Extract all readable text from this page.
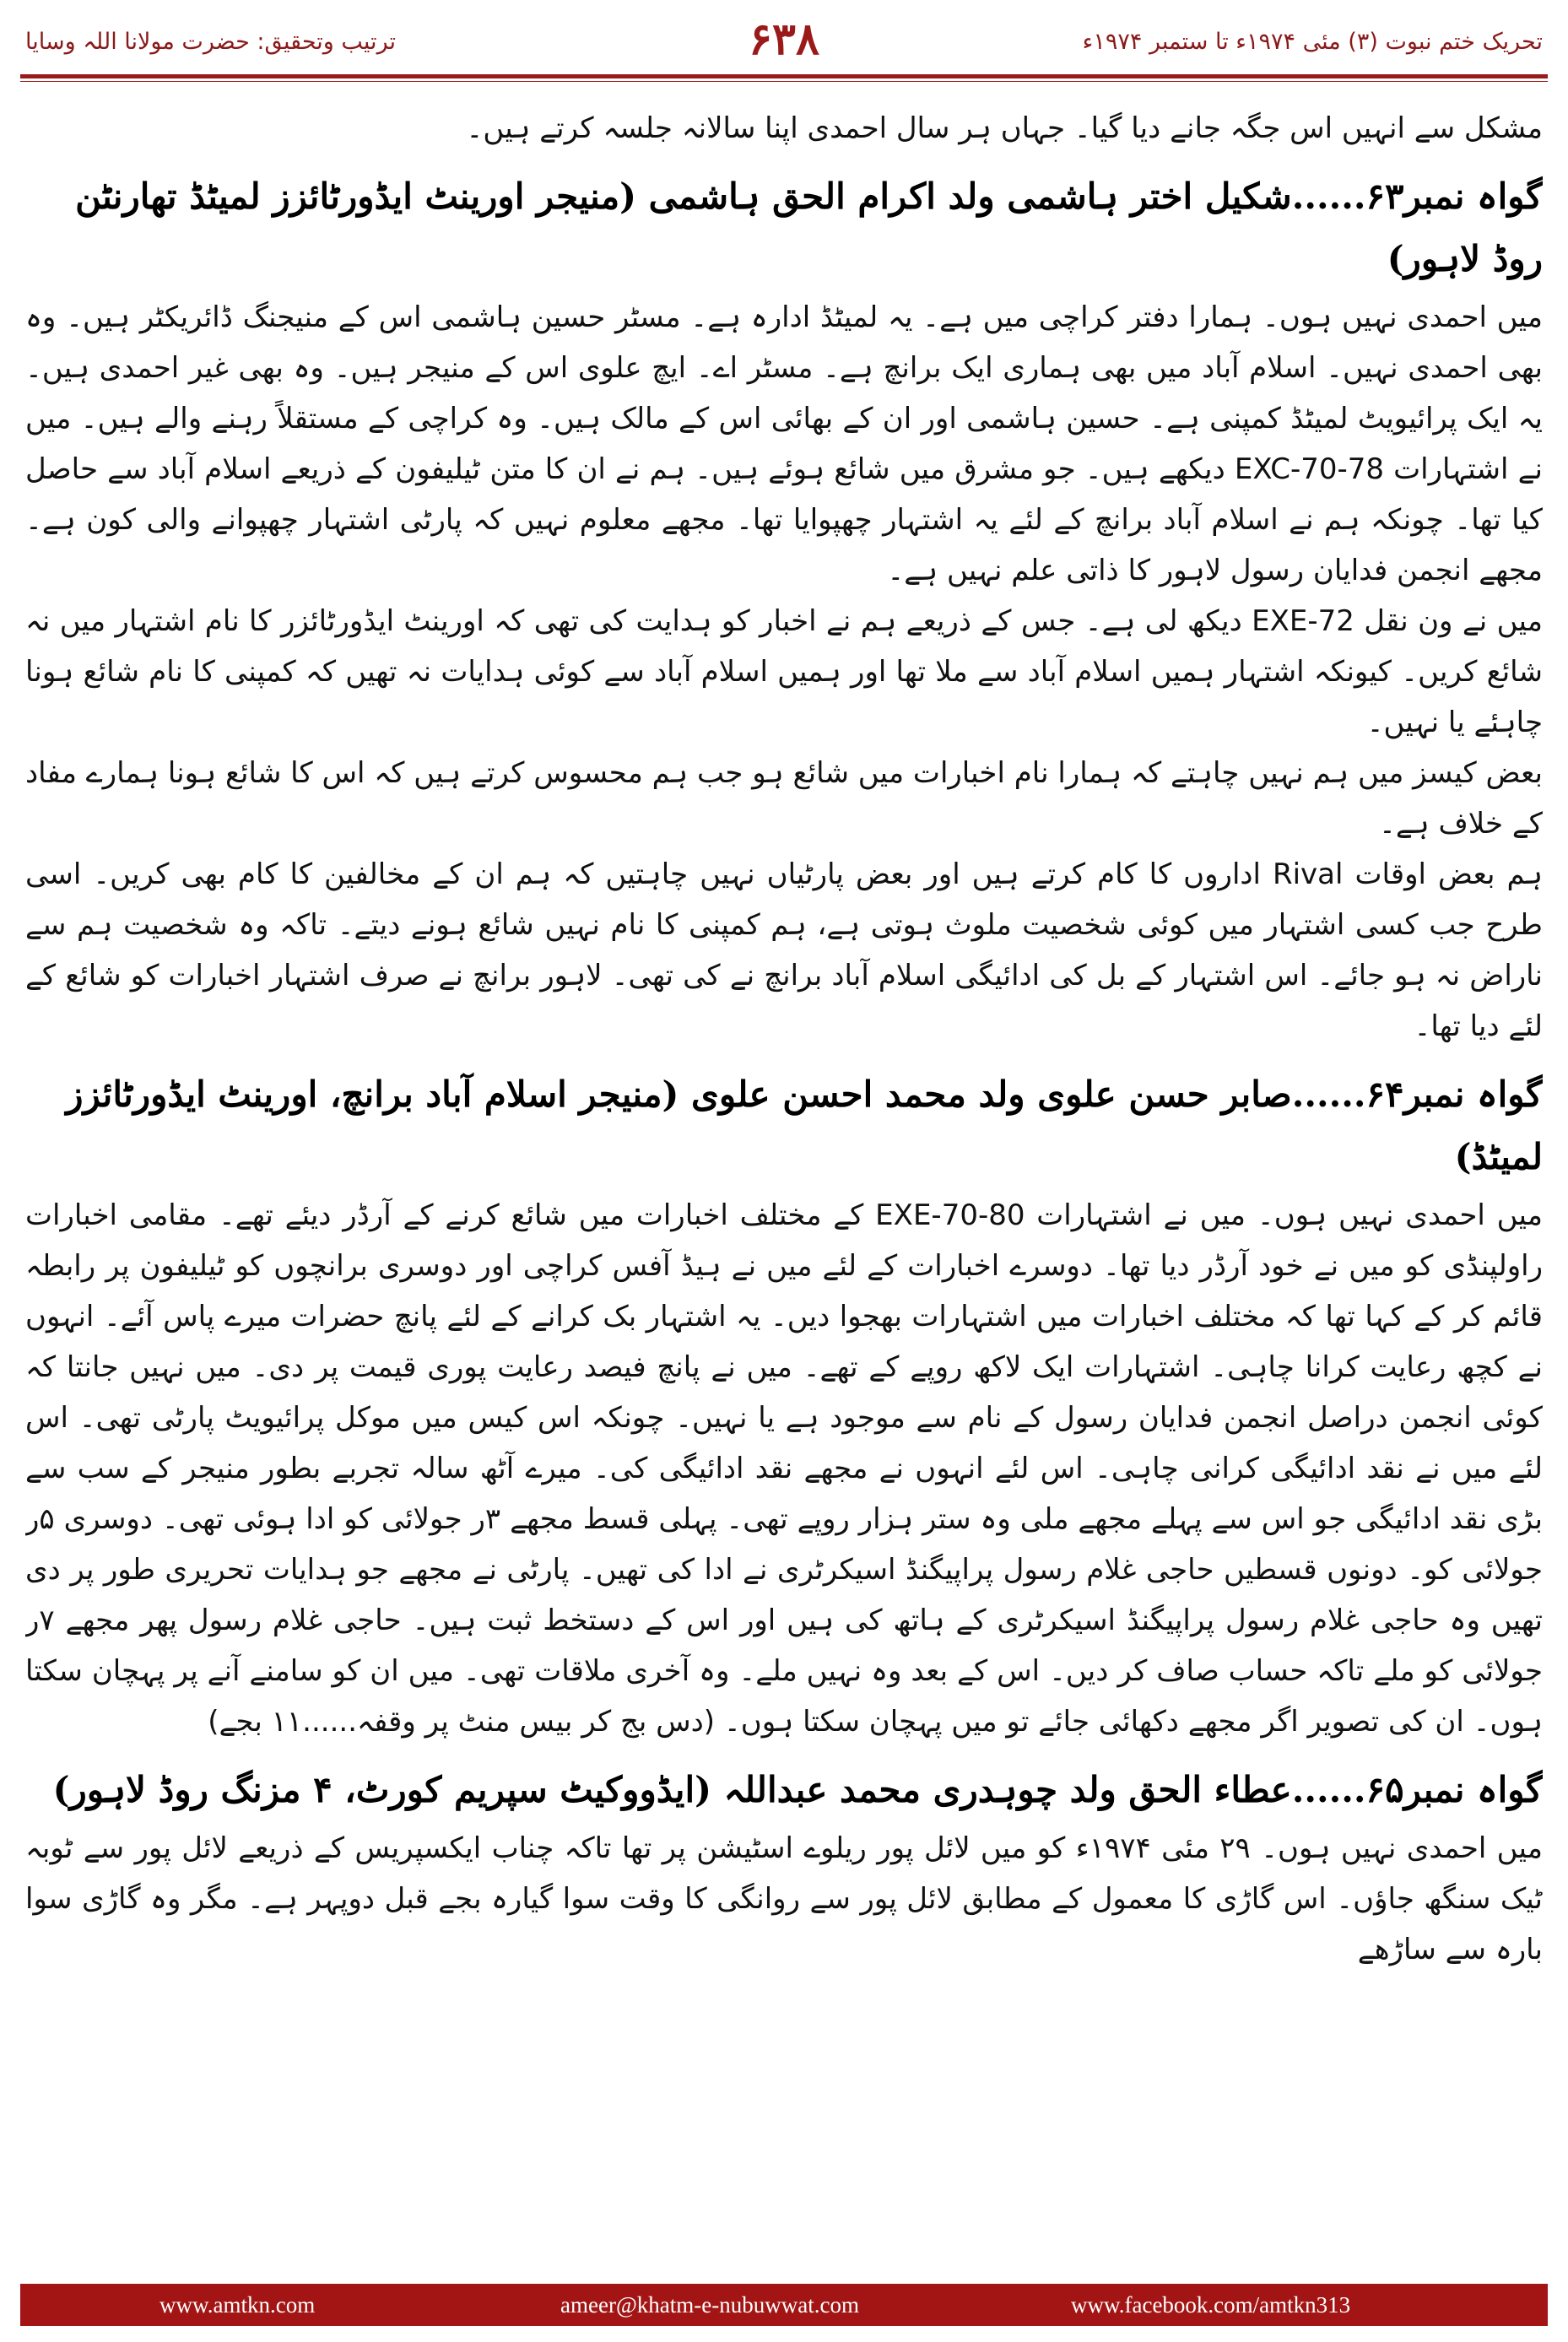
ترتیب وتحقیق: حضرت مولانا اللہ وسایا	۶۳۸	تحریک ختم نبوت (۳) مئی ۱۹۷۴ء تا ستمبر ۱۹۷۴ء

مشکل سے انہیں اس جگہ جانے دیا گیا۔ جہاں ہر سال احمدی اپنا سالانہ جلسہ کرتے ہیں۔

گواہ نمبر۶۳......شکیل اختر ہاشمی ولد اکرام الحق ہاشمی (منیجر اورینٹ ایڈورٹائزز لمیٹڈ تھارنٹن روڈ لاہور)

میں احمدی نہیں ہوں۔ ہمارا دفتر کراچی میں ہے۔ یہ لمیٹڈ ادارہ ہے۔ مسٹر حسین ہاشمی اس کے منیجنگ ڈائریکٹر ہیں۔ وہ بھی احمدی نہیں۔ اسلام آباد میں بھی ہماری ایک برانچ ہے۔ مسٹر اے۔ ایچ علوی اس کے منیجر ہیں۔ وہ بھی غیر احمدی ہیں۔ یہ ایک پرائیویٹ لمیٹڈ کمپنی ہے۔ حسین ہاشمی اور ان کے بھائی اس کے مالک ہیں۔ وہ کراچی کے مستقلاً رہنے والے ہیں۔ میں نے اشتہارات EXC-70-78 دیکھے ہیں۔ جو مشرق میں شائع ہوئے ہیں۔ ہم نے ان کا متن ٹیلیفون کے ذریعے اسلام آباد سے حاصل کیا تھا۔ چونکہ ہم نے اسلام آباد برانچ کے لئے یہ اشتہار چھپوایا تھا۔ مجھے معلوم نہیں کہ پارٹی اشتہار چھپوانے والی کون ہے۔ مجھے انجمن فدایان رسول لاہور کا ذاتی علم نہیں ہے۔

میں نے ون نقل EXE-72 دیکھ لی ہے۔ جس کے ذریعے ہم نے اخبار کو ہدایت کی تھی کہ اورینٹ ایڈورٹائزر کا نام اشتہار میں نہ شائع کریں۔ کیونکہ اشتہار ہمیں اسلام آباد سے ملا تھا اور ہمیں اسلام آباد سے کوئی ہدایات نہ تھیں کہ کمپنی کا نام شائع ہونا چاہئے یا نہیں۔

بعض کیسز میں ہم نہیں چاہتے کہ ہمارا نام اخبارات میں شائع ہو جب ہم محسوس کرتے ہیں کہ اس کا شائع ہونا ہمارے مفاد کے خلاف ہے۔

ہم بعض اوقات Rival اداروں کا کام کرتے ہیں اور بعض پارٹیاں نہیں چاہتیں کہ ہم ان کے مخالفین کا کام بھی کریں۔ اسی طرح جب کسی اشتہار میں کوئی شخصیت ملوث ہوتی ہے، ہم کمپنی کا نام نہیں شائع ہونے دیتے۔ تاکہ وہ شخصیت ہم سے ناراض نہ ہو جائے۔ اس اشتہار کے بل کی ادائیگی اسلام آباد برانچ نے کی تھی۔ لاہور برانچ نے صرف اشتہار اخبارات کو شائع کے لئے دیا تھا۔

گواہ نمبر۶۴......صابر حسن علوی ولد محمد احسن علوی (منیجر اسلام آباد برانچ، اورینٹ ایڈورٹائزز لمیٹڈ)

میں احمدی نہیں ہوں۔ میں نے اشتہارات EXE-70-80 کے مختلف اخبارات میں شائع کرنے کے آرڈر دیئے تھے۔ مقامی اخبارات راولپنڈی کو میں نے خود آرڈر دیا تھا۔ دوسرے اخبارات کے لئے میں نے ہیڈ آفس کراچی اور دوسری برانچوں کو ٹیلیفون پر رابطہ قائم کر کے کہا تھا کہ مختلف اخبارات میں اشتہارات بھجوا دیں۔ یہ اشتہار بک کرانے کے لئے پانچ حضرات میرے پاس آئے۔ انہوں نے کچھ رعایت کرانا چاہی۔ اشتہارات ایک لاکھ روپے کے تھے۔ میں نے پانچ فیصد رعایت پوری قیمت پر دی۔ میں نہیں جانتا کہ کوئی انجمن دراصل انجمن فدایان رسول کے نام سے موجود ہے یا نہیں۔ چونکہ اس کیس میں موکل پرائیویٹ پارٹی تھی۔ اس لئے میں نے نقد ادائیگی کرانی چاہی۔ اس لئے انہوں نے مجھے نقد ادائیگی کی۔ میرے آٹھ سالہ تجربے بطور منیجر کے سب سے بڑی نقد ادائیگی جو اس سے پہلے مجھے ملی وہ ستر ہزار روپے تھی۔ پہلی قسط مجھے ۳ر جولائی کو ادا ہوئی تھی۔ دوسری ۵ر جولائی کو۔ دونوں قسطیں حاجی غلام رسول پراپیگنڈ اسیکرٹری نے ادا کی تھیں۔ پارٹی نے مجھے جو ہدایات تحریری طور پر دی تھیں وہ حاجی غلام رسول پراپیگنڈ اسیکرٹری کے ہاتھ کی ہیں اور اس کے دستخط ثبت ہیں۔ حاجی غلام رسول پھر مجھے ۷ر جولائی کو ملے تاکہ حساب صاف کر دیں۔ اس کے بعد وہ نہیں ملے۔ وہ آخری ملاقات تھی۔ میں ان کو سامنے آنے پر پہچان سکتا ہوں۔ ان کی تصویر اگر مجھے دکھائی جائے تو میں پہچان سکتا ہوں۔ (دس بج کر بیس منٹ پر وقفہ......۱۱ بجے)

گواہ نمبر۶۵......عطاء الحق ولد چوہدری محمد عبداللہ (ایڈووکیٹ سپریم کورٹ، ۴ مزنگ روڈ لاہور)

میں احمدی نہیں ہوں۔ ۲۹ مئی ۱۹۷۴ء کو میں لائل پور ریلوے اسٹیشن پر تھا تاکہ چناب ایکسپریس کے ذریعے لائل پور سے ٹوبہ ٹیک سنگھ جاؤں۔ اس گاڑی کا معمول کے مطابق لائل پور سے روانگی کا وقت سوا گیارہ بجے قبل دوپہر ہے۔ مگر وہ گاڑی سوا بارہ سے ساڑھے

www.amtkn.com	ameer@khatm-e-nubuwwat.com	www.facebook.com/amtkn313
